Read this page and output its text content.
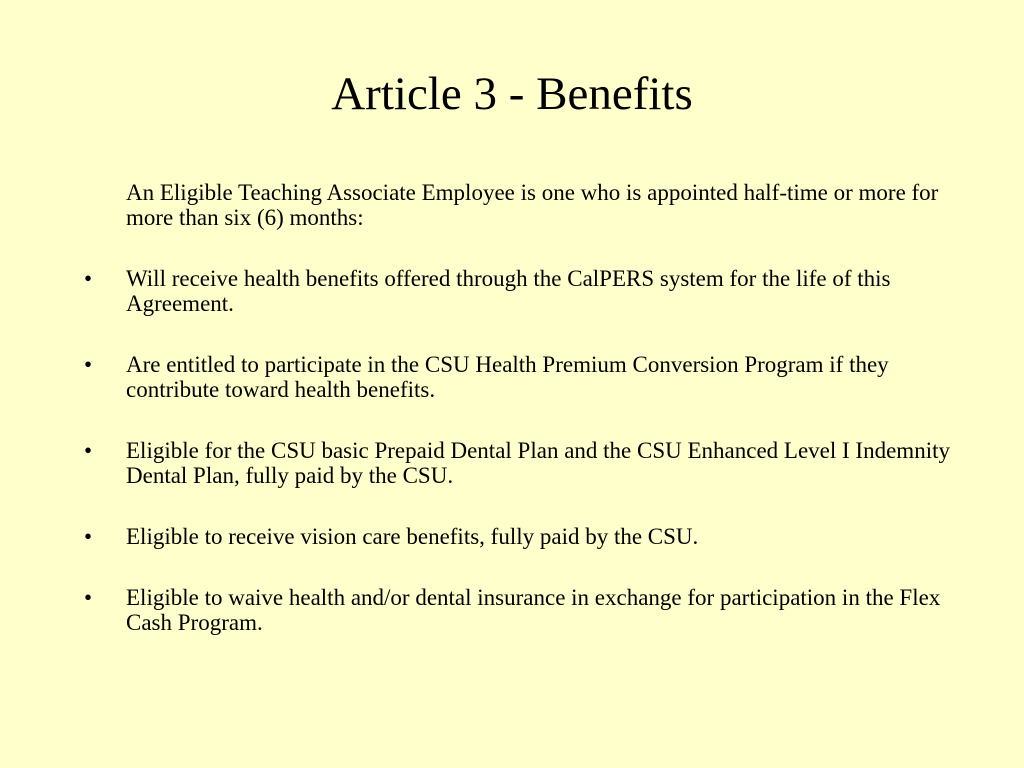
Article 3 - Benefits

An Eligible Teaching Associate Employee is one who is appointed half-time or more for more than six (6) months:

•	Will receive health benefits offered through the CalPERS system for the life of this Agreement.
•	Are entitled to participate in the CSU Health Premium Conversion Program if they contribute toward health benefits.
•	Eligible for the CSU basic Prepaid Dental Plan and the CSU Enhanced Level I Indemnity Dental Plan, fully paid by the CSU.
•	Eligible to receive vision care benefits, fully paid by the CSU.
•	Eligible to waive health and/or dental insurance in exchange for participation in the Flex Cash Program.
